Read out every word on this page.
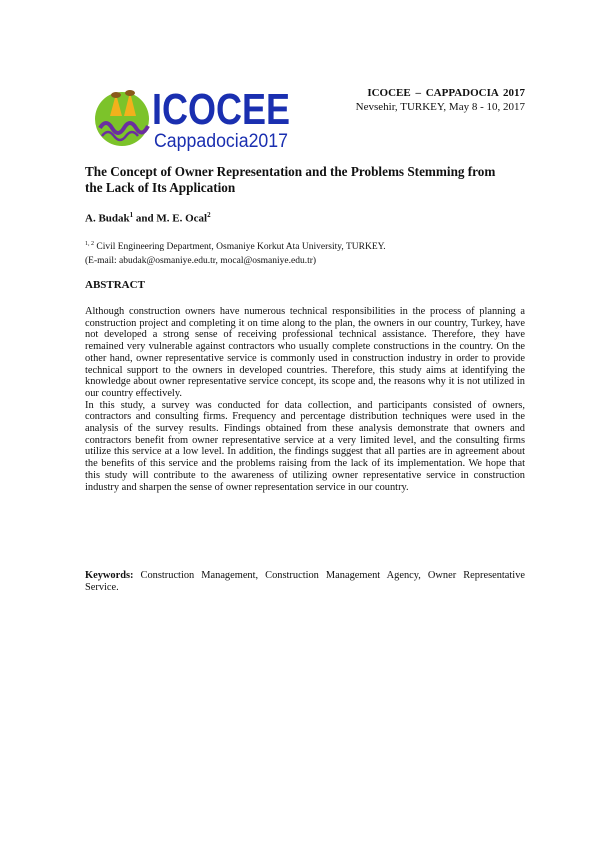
ICOCEE
Cappadocia2017
ICOCEE – CAPPADOCIA 2017
Nevsehir, TURKEY, May 8 - 10, 2017
The Concept of Owner Representation and the Problems Stemming from the Lack of Its Application
A. Budak$^1$ and M. E. Ocal$^2$
$^{1, 2}$ Civil Engineering Department, Osmaniye Korkut Ata University, TURKEY.
(E-mail: abudak@osmaniye.edu.tr, mocal@osmaniye.edu.tr)
ABSTRACT

Although construction owners have numerous technical responsibilities in the process of planning a construction project and completing it on time along to the plan, the owners in our country, Turkey, have not developed a strong sense of receiving professional technical assistance. Therefore, they have remained very vulnerable against contractors who usually complete constructions in the country. On the other hand, owner representative service is commonly used in construction industry in order to provide technical support to the owners in developed countries. Therefore, this study aims at identifying the knowledge about owner representative service concept, its scope and, the reasons why it is not utilized in our country effectively.

In this study, a survey was conducted for data collection, and participants consisted of owners, contractors and consulting firms. Frequency and percentage distribution techniques were used in the analysis of the survey results. Findings obtained from these analysis demonstrate that owners and contractors benefit from owner representative service at a very limited level, and the consulting firms utilize this service at a low level. In addition, the findings suggest that all parties are in agreement about the benefits of this service and the problems raising from the lack of its implementation. We hope that this study will contribute to the awareness of utilizing owner representative service in construction industry and sharpen the sense of owner representation service in our country.

Keywords: Construction Management, Construction Management Agency, Owner Representative Service.
